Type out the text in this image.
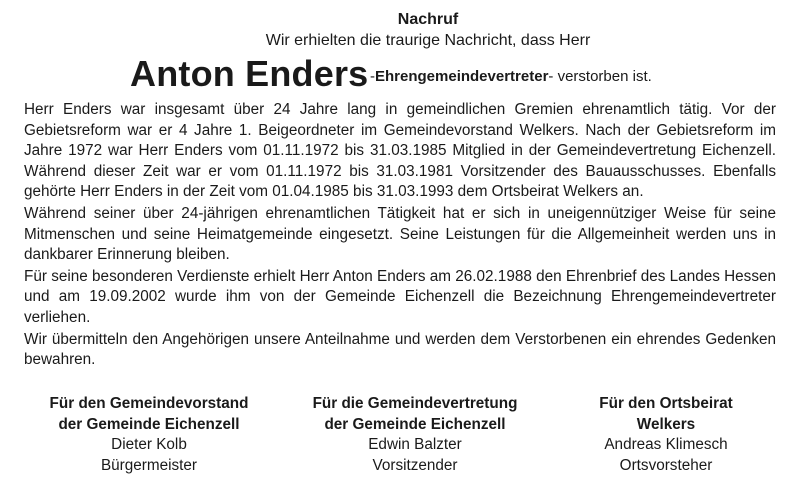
Nachruf
Wir erhielten die traurige Nachricht, dass Herr
Anton Enders -Ehrengemeindevertreter- verstorben ist.

Herr Enders war insgesamt über 24 Jahre lang in gemeindlichen Gremien ehrenamtlich tätig. Vor der Gebietsreform war er 4 Jahre 1. Beigeordneter im Gemeindevorstand Welkers. Nach der Gebietsreform im Jahre 1972 war Herr Enders vom 01.11.1972 bis 31.03.1985 Mitglied in der Gemeindevertretung Eichenzell. Während dieser Zeit war er vom 01.11.1972 bis 31.03.1981 Vorsitzender des Bauausschusses. Ebenfalls gehörte Herr Enders in der Zeit vom 01.04.1985 bis 31.03.1993 dem Ortsbeirat Welkers an.

Während seiner über 24-jährigen ehrenamtlichen Tätigkeit hat er sich in uneigennütziger Weise für seine Mitmenschen und seine Heimatgemeinde eingesetzt. Seine Leistungen für die Allgemeinheit werden uns in dankbarer Erinnerung bleiben.

Für seine besonderen Verdienste erhielt Herr Anton Enders am 26.02.1988 den Ehrenbrief des Landes Hessen und am 19.09.2002 wurde ihm von der Gemeinde Eichenzell die Bezeichnung Ehrengemeindevertreter verliehen.

Wir übermitteln den Angehörigen unsere Anteilnahme und werden dem Verstorbenen ein ehrendes Gedenken bewahren.

Für den Gemeindevorstand
der Gemeinde Eichenzell
Dieter Kolb
Bürgermeister
Für die Gemeindevertretung
der Gemeinde Eichenzell
Edwin Balzter
Vorsitzender
Für den Ortsbeirat
Welkers
Andreas Klimesch
Ortsvorsteher
